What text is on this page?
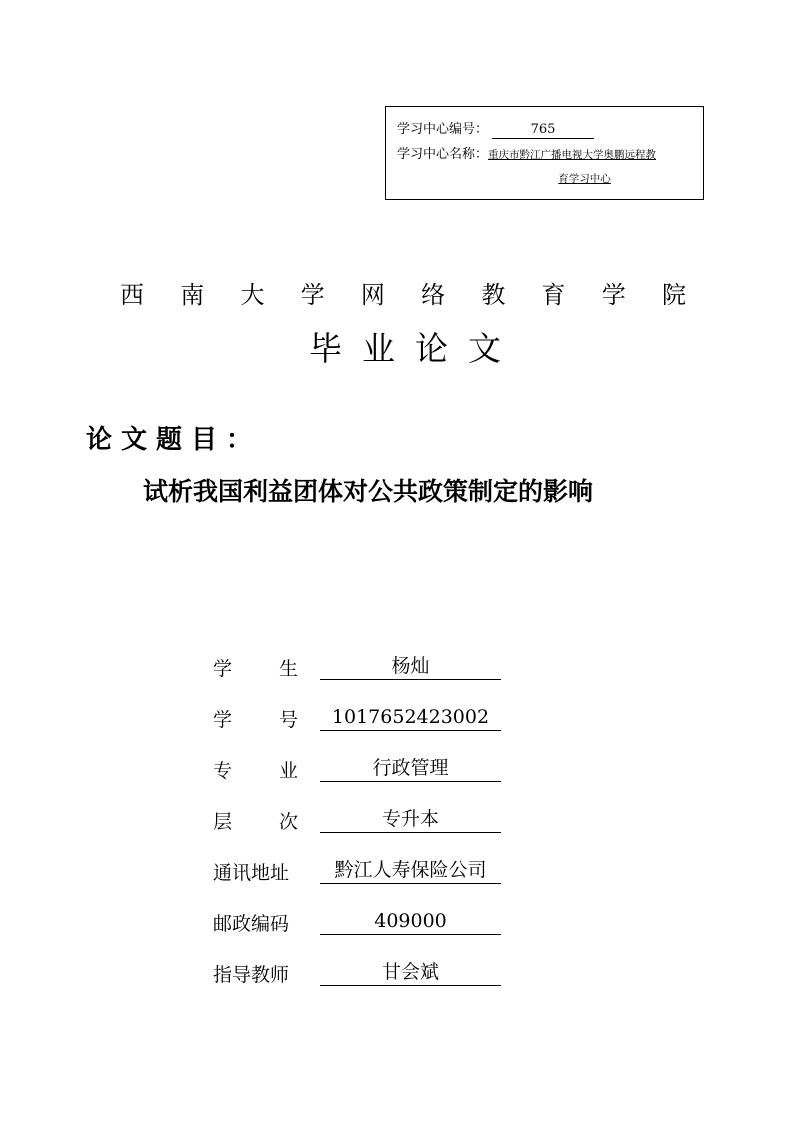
学习中心编号：	765
学习中心名称：重庆市黔江广播电视大学奥鹏远程教
育学习中心
西 南 大 学 网 络 教 育 学 院
毕 业 论 文
论文题目：
试析我国利益团体对公共政策制定的影响
学 生	杨灿
学 号	1017652423002
专 业	行政管理
层 次	专升本
通讯地址	黔江人寿保险公司
邮政编码	409000
指导教师	甘会斌
